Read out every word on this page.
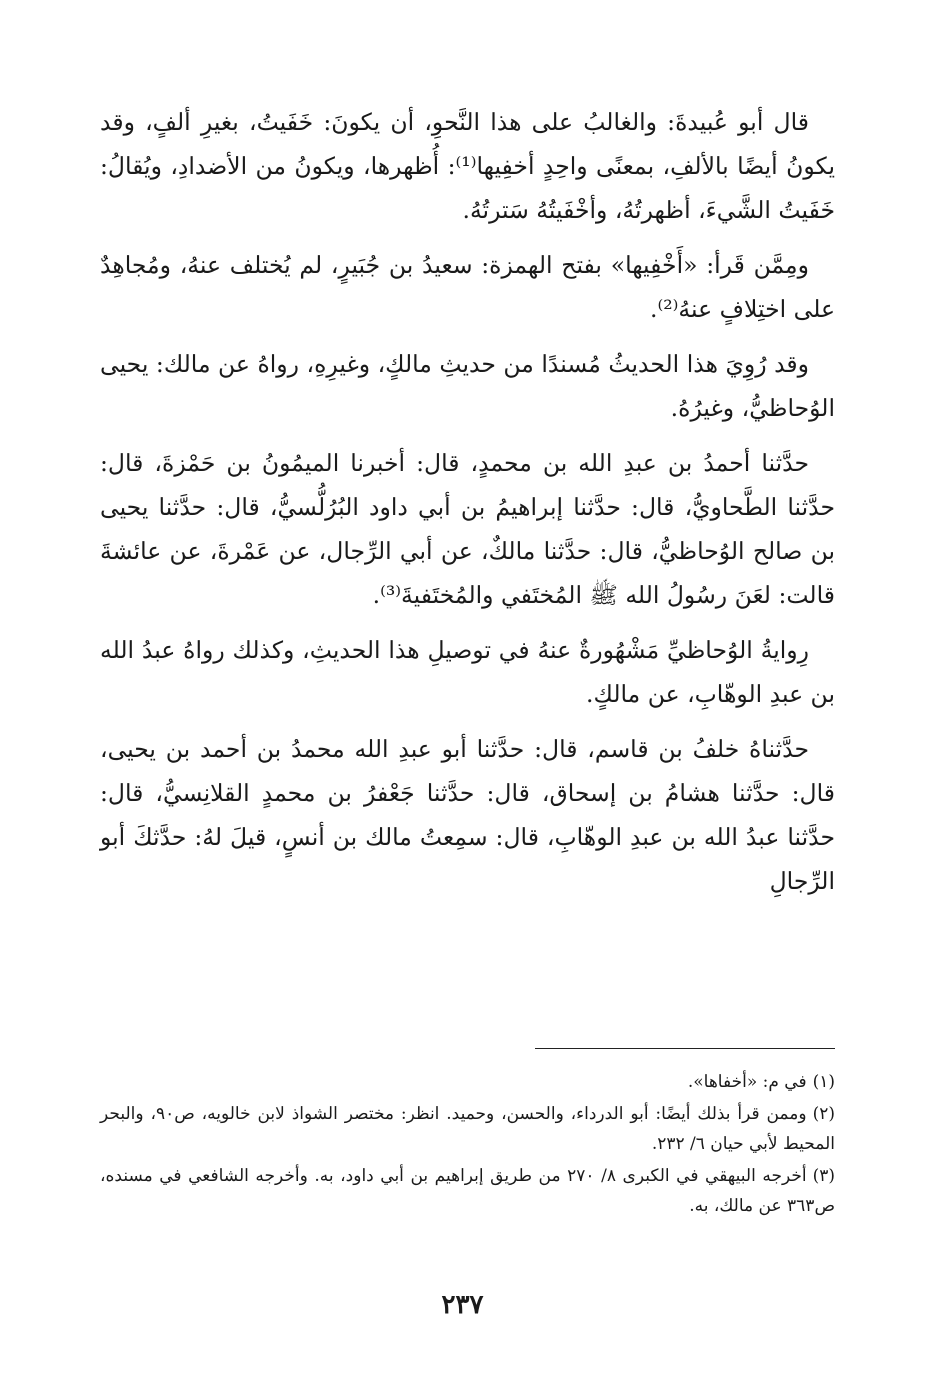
قال أبو عُبيدةَ: والغالبُ على هذا النَّحوِ، أن يكونَ: خَفَيتُ، بغيرِ ألفٍ، وقد يكونُ أيضًا بالألفِ، بمعنًى واحِدٍ أخفِيها⁽¹⁾: أُظهرها، ويكونُ من الأضدادِ، ويُقالُ: خَفَيتُ الشَّيءَ، أظهرتُهُ، وأخْفَيتُهُ سَترتُهُ.

ومِمَّن قَرأ: «أَخْفِيها» بفتح الهمزة: سعيدُ بن جُبَيرٍ، لم يُختلف عنهُ، ومُجاهِدٌ على اختِلافٍ عنهُ⁽²⁾.

وقد رُوِيَ هذا الحديثُ مُسندًا من حديثِ مالكٍ، وغيرِهِ، رواهُ عن مالك: يحيى الوُحاظيُّ، وغيرُهُ.

حدَّثنا أحمدُ بن عبدِ الله بن محمدٍ، قال: أخبرنا الميمُونُ بن حَمْزةَ، قال: حدَّثنا الطَّحاويُّ، قال: حدَّثنا إبراهيمُ بن أبي داود البُرُلُّسيُّ، قال: حدَّثنا يحيى بن صالح الوُحاظيُّ، قال: حدَّثنا مالكٌ، عن أبي الرِّجال، عن عَمْرةَ، عن عائشةَ قالت: لعَنَ رسُولُ الله ﷺ المُختَفي والمُختَفيةَ⁽³⁾.

رِوايةُ الوُحاظيِّ مَشْهُورةٌ عنهُ في توصيلِ هذا الحديثِ، وكذلك رواهُ عبدُ الله بن عبدِ الوهّابِ، عن مالكٍ.

حدَّثناهُ خلفُ بن قاسم، قال: حدَّثنا أبو عبدِ الله محمدُ بن أحمد بن يحيى، قال: حدَّثنا هشامُ بن إسحاق، قال: حدَّثنا جَعْفرُ بن محمدٍ القلانِسيُّ، قال: حدَّثنا عبدُ الله بن عبدِ الوهّابِ، قال: سمِعتُ مالك بن أنسٍ، قيلَ لهُ: حدَّثكَ أبو الرِّجالِ

(١)في م: «أخفاها».

(٢)وممن قرأ بذلك أيضًا: أبو الدرداء، والحسن، وحميد. انظر: مختصر الشواذ لابن خالويه، ص٩٠، والبحر المحيط لأبي حيان ٦/ ٢٣٢.

(٣)أخرجه البيهقي في الكبرى ٨/ ٢٧٠ من طريق إبراهيم بن أبي داود، به. وأخرجه الشافعي في مسنده، ص٣٦٣ عن مالك، به.

٢٣٧
